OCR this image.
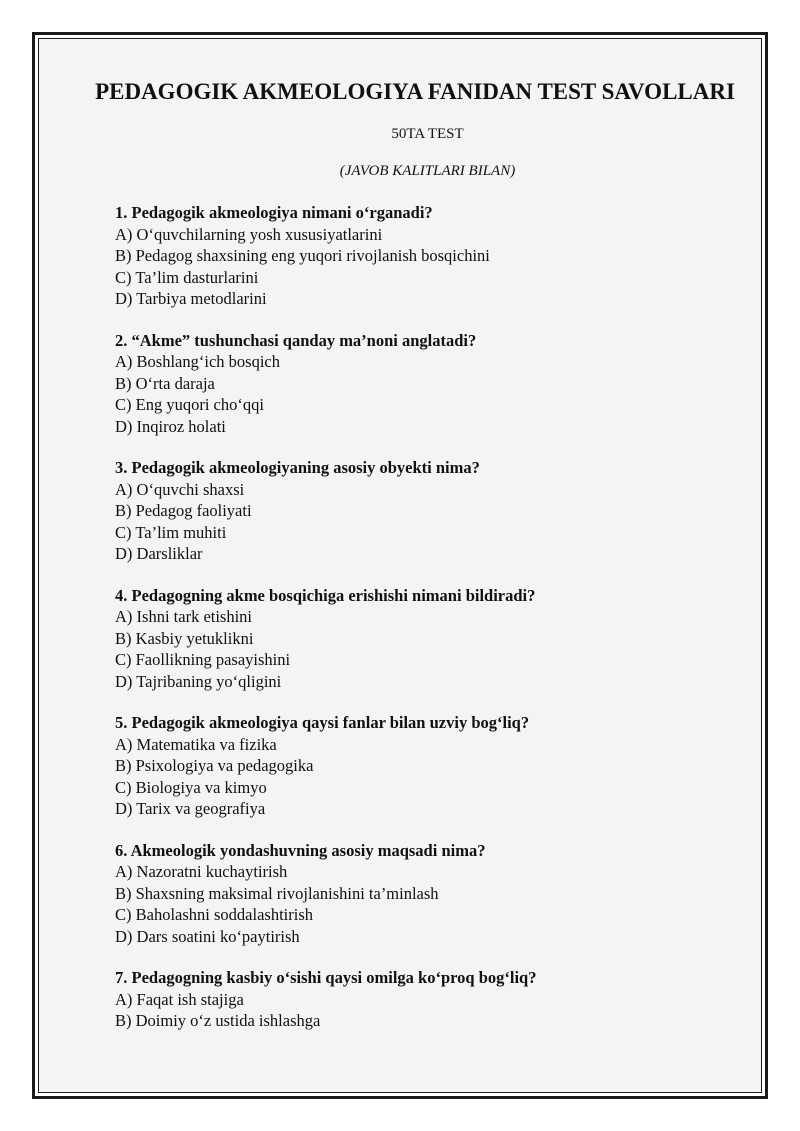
PEDAGOGIK AKMEOLOGIYA FANIDAN TEST SAVOLLARI
50TA TEST
(JAVOB KALITLARI BILAN)
1. Pedagogik akmeologiya nimani o‘rganadi?
A) O‘quvchilarning yosh xususiyatlarini
B) Pedagog shaxsining eng yuqori rivojlanish bosqichini
C) Ta’lim dasturlarini
D) Tarbiya metodlarini
2. “Akme” tushunchasi qanday ma’noni anglatadi?
A) Boshlang‘ich bosqich
B) O‘rta daraja
C) Eng yuqori cho‘qqi
D) Inqiroz holati
3. Pedagogik akmeologiyaning asosiy obyekti nima?
A) O‘quvchi shaxsi
B) Pedagog faoliyati
C) Ta’lim muhiti
D) Darsliklar
4. Pedagogning akme bosqichiga erishishi nimani bildiradi?
A) Ishni tark etishini
B) Kasbiy yetuklikni
C) Faollikning pasayishini
D) Tajribaning yo‘qligini
5. Pedagogik akmeologiya qaysi fanlar bilan uzviy bog‘liq?
A) Matematika va fizika
B) Psixologiya va pedagogika
C) Biologiya va kimyo
D) Tarix va geografiya
6. Akmeologik yondashuvning asosiy maqsadi nima?
A) Nazoratni kuchaytirish
B) Shaxsning maksimal rivojlanishini ta’minlash
C) Baholashni soddalashtirish
D) Dars soatini ko‘paytirish
7. Pedagogning kasbiy o‘sishi qaysi omilga ko‘proq bog‘liq?
A) Faqat ish stajiga
B) Doimiy o‘z ustida ishlashga
